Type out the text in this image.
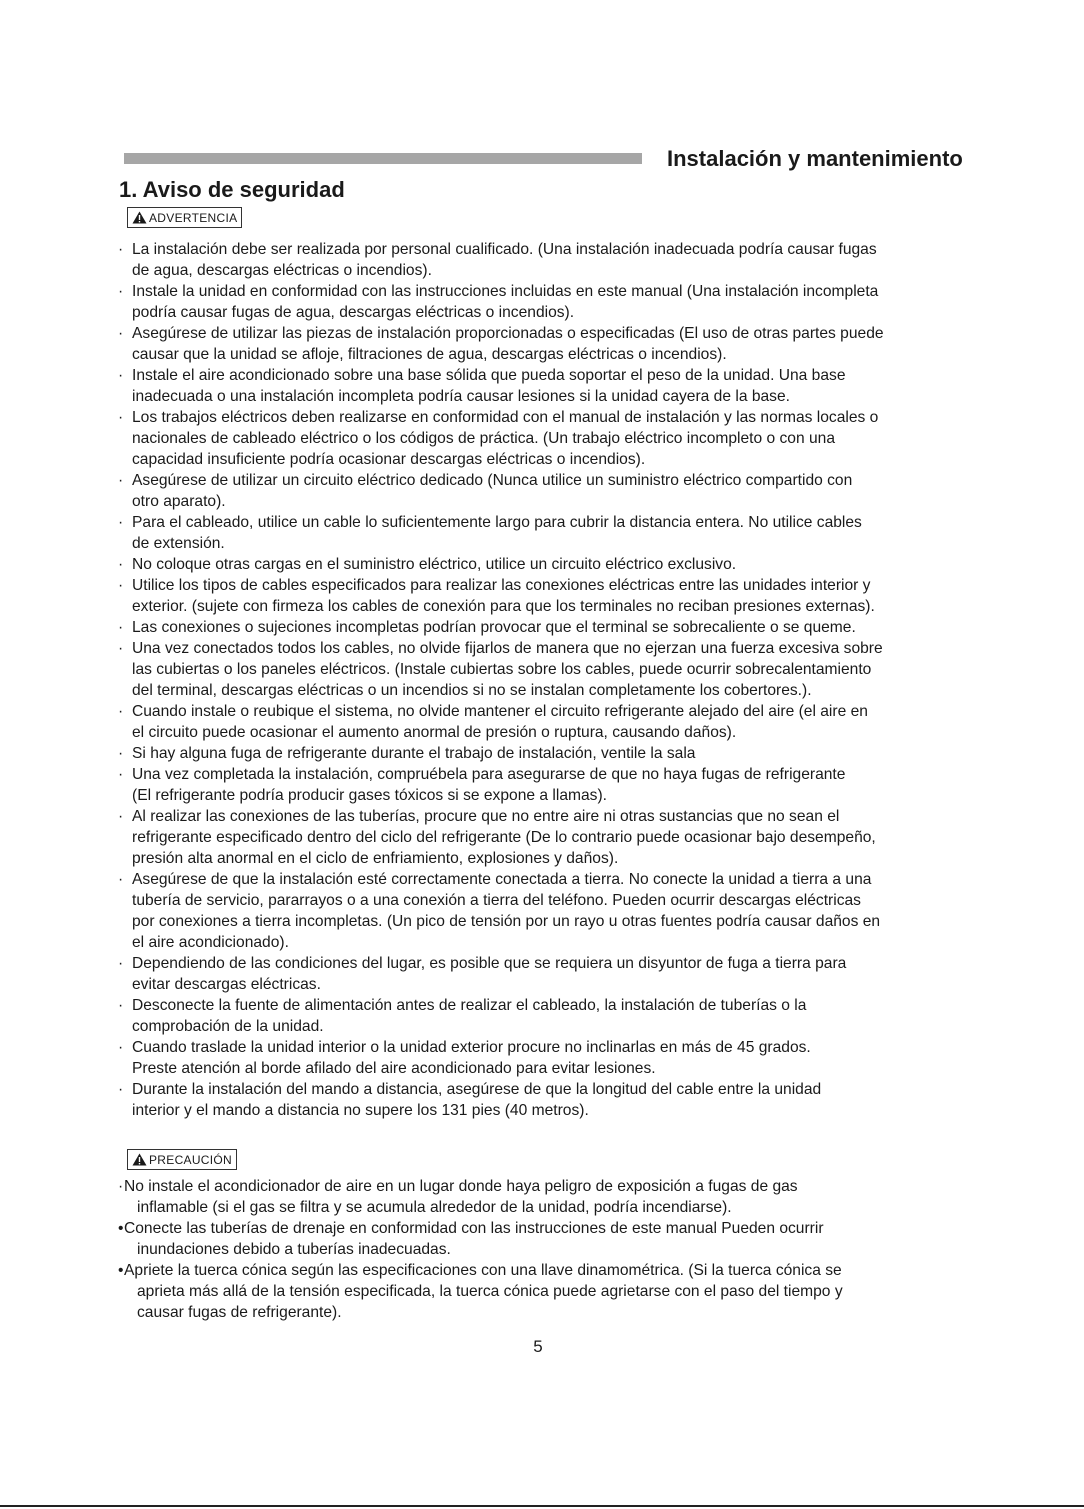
Instalación y mantenimiento
1. Aviso de seguridad
ADVERTENCIA
· La instalación debe ser realizada por personal cualificado. (Una instalación inadecuada podría causar fugas
de agua, descargas eléctricas o incendios).
· Instale la unidad en conformidad con las instrucciones incluidas en este manual (Una instalación incompleta
podría causar fugas de agua, descargas eléctricas o incendios).
· Asegúrese de utilizar las piezas de instalación proporcionadas o especificadas (El uso de otras partes puede
causar que la unidad se afloje, filtraciones de agua, descargas eléctricas o incendios).
· Instale el aire acondicionado sobre una base sólida que pueda soportar el peso de la unidad. Una base
inadecuada o una instalación incompleta podría causar lesiones si la unidad cayera de la base.
· Los trabajos eléctricos deben realizarse en conformidad con el manual de instalación y las normas locales o
nacionales de cableado eléctrico o los códigos de práctica. (Un trabajo eléctrico incompleto o con una
capacidad insuficiente podría ocasionar descargas eléctricas o incendios).
· Asegúrese de utilizar un circuito eléctrico dedicado (Nunca utilice un suministro eléctrico compartido con
otro aparato).
· Para el cableado, utilice un cable lo suficientemente largo para cubrir la distancia entera. No utilice cables
de extensión.
· No coloque otras cargas en el suministro eléctrico, utilice un circuito eléctrico exclusivo.
· Utilice los tipos de cables especificados para realizar las conexiones eléctricas entre las unidades interior y
exterior. (sujete con firmeza los cables de conexión para que los terminales no reciban presiones externas).
· Las conexiones o sujeciones incompletas podrían provocar que el terminal se sobrecaliente o se queme.
· Una vez conectados todos los cables, no olvide fijarlos de manera que no ejerzan una fuerza excesiva sobre
las cubiertas o los paneles eléctricos. (Instale cubiertas sobre los cables, puede ocurrir sobrecalentamiento
del terminal, descargas eléctricas o un incendios si no se instalan completamente los cobertores.).
· Cuando instale o reubique el sistema, no olvide mantener el circuito refrigerante alejado del aire (el aire en
el circuito puede ocasionar el aumento anormal de presión o ruptura, causando daños).
· Si hay alguna fuga de refrigerante durante el trabajo de instalación, ventile la sala
· Una vez completada la instalación, compruébela para asegurarse de que no haya fugas de refrigerante
(El refrigerante podría producir gases tóxicos si se expone a llamas).
· Al realizar las conexiones de las tuberías, procure que no entre aire ni otras sustancias que no sean el
refrigerante especificado dentro del ciclo del refrigerante (De lo contrario puede ocasionar bajo desempeño,
presión alta anormal en el ciclo de enfriamiento, explosiones y daños).
· Asegúrese de que la instalación esté correctamente conectada a tierra. No conecte la unidad a tierra a una
tubería de servicio, pararrayos o a una conexión a tierra del teléfono. Pueden ocurrir descargas eléctricas
por conexiones a tierra incompletas. (Un pico de tensión por un rayo u otras fuentes podría causar daños en
el aire acondicionado).
· Dependiendo de las condiciones del lugar, es posible que se requiera un disyuntor de fuga a tierra para
evitar descargas eléctricas.
· Desconecte la fuente de alimentación antes de realizar el cableado, la instalación de tuberías o la
comprobación de la unidad.
· Cuando traslade la unidad interior o la unidad exterior procure no inclinarlas en más de 45 grados.
Preste atención al borde afilado del aire acondicionado para evitar lesiones.
· Durante la instalación del mando a distancia, asegúrese de que la longitud del cable entre la unidad
interior y el mando a distancia no supere los 131 pies (40 metros).
PRECAUCIÓN
· No instale el acondicionador de aire en un lugar donde haya peligro de exposición a fugas de gas
inflamable (si el gas se filtra y se acumula alrededor de la unidad, podría incendiarse).
• Conecte las tuberías de drenaje en conformidad con las instrucciones de este manual Pueden ocurrir
inundaciones debido a tuberías inadecuadas.
• Apriete la tuerca cónica según las especificaciones con una llave dinamométrica. (Si la tuerca cónica se
aprieta más allá de la tensión especificada, la tuerca cónica puede agrietarse con el paso del tiempo y
causar fugas de refrigerante).
5
